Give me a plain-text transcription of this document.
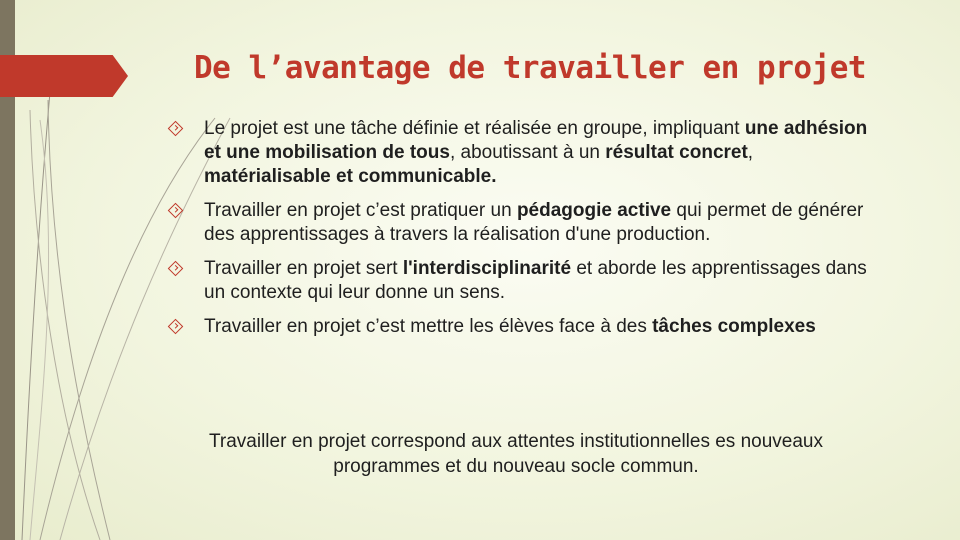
De l’avantage de travailler en projet
Le projet est une tâche définie et réalisée en groupe, impliquant une adhésion et une mobilisation de tous, aboutissant à un résultat concret, matérialisable et communicable.
Travailler en projet c’est pratiquer un pédagogie active qui permet de générer des apprentissages à travers la réalisation d'une production.
Travailler en projet sert l'interdisciplinarité et aborde les apprentissages dans un contexte qui leur donne un sens.
Travailler en projet c’est mettre les élèves face à des tâches complexes

Travailler en projet correspond aux attentes institutionnelles es nouveaux programmes et du nouveau socle commun.
